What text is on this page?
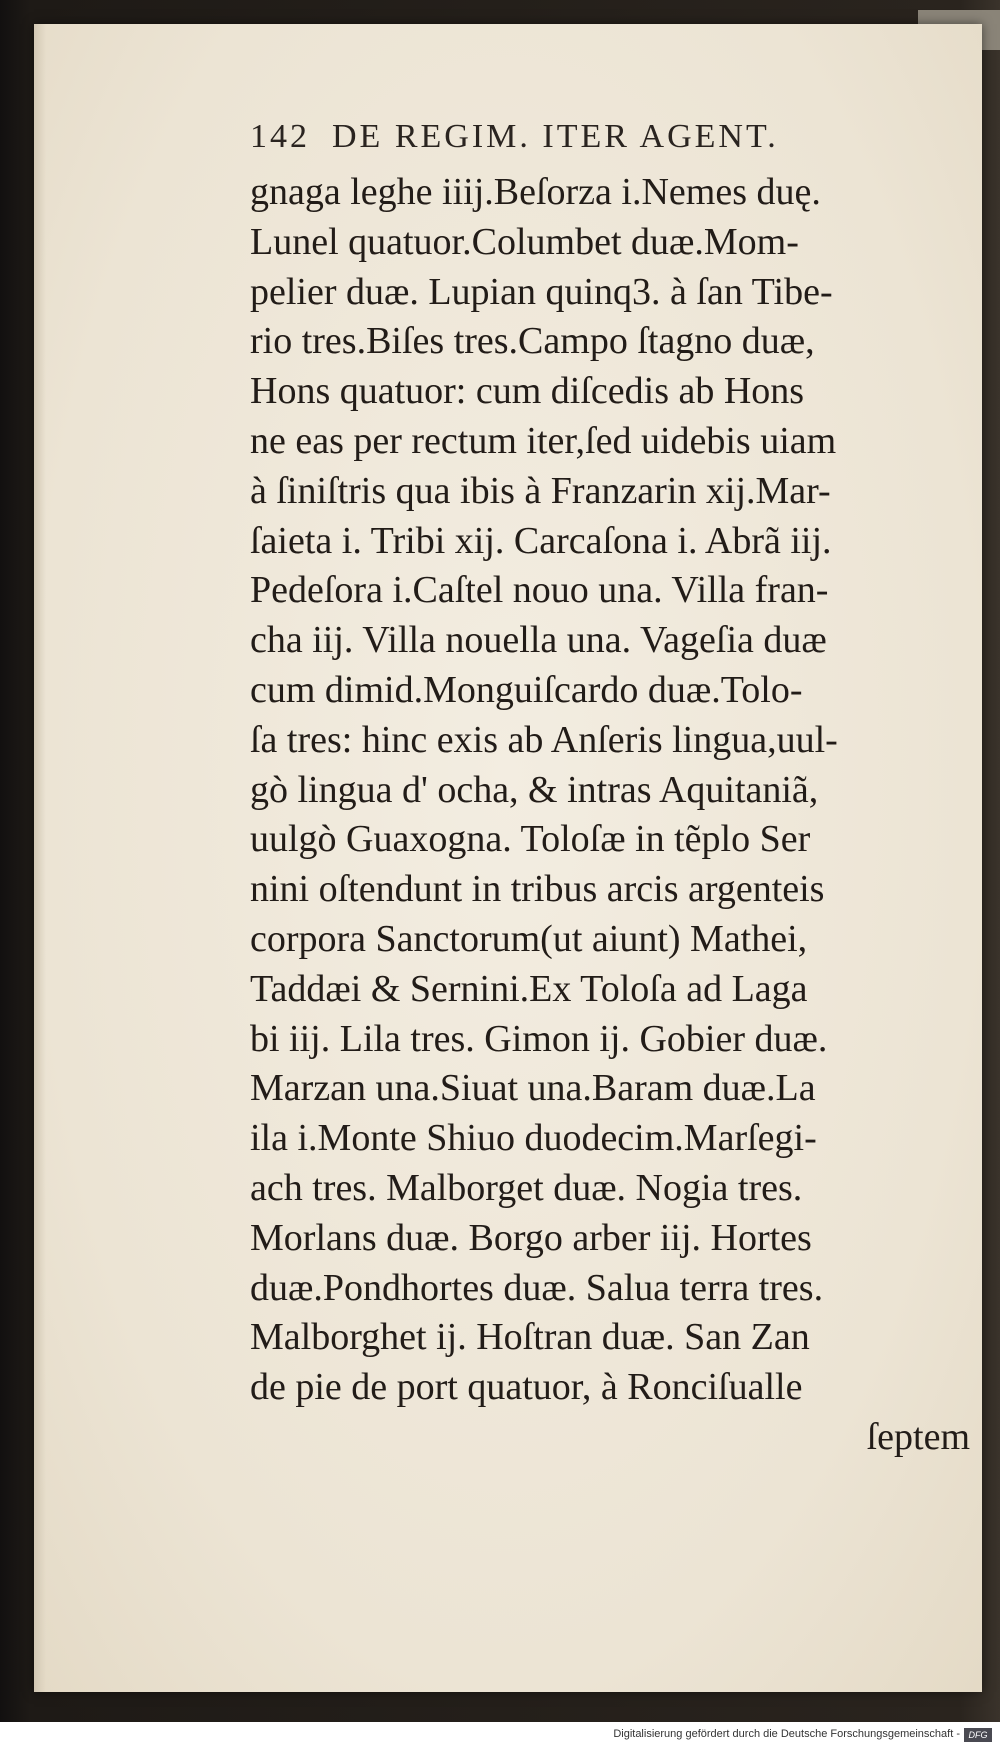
142 DE REGIM. ITER AGENT.
gnaga leghe iiij.Beſorza i.Nemes duę.
Lunel quatuor.Columbet duæ.Mom-
pelier duæ. Lupian quinq3. à ſan Tibe-
rio tres.Biſes tres.Campo ſtagno duæ,
Hons quatuor: cum diſcedis ab Hons
ne eas per rectum iter,ſed uidebis uiam
à ſiniſtris qua ibis à Franzarin xij.Mar-
ſaieta i. Tribi xij. Carcaſona i. Abrã iij.
Pedeſora i.Caſtel nouo una. Villa fran-
cha iij. Villa nouella una. Vageſia duæ
cum dimid.Monguiſcardo duæ.Tolo-
ſa tres: hinc exis ab Anſeris lingua,uul-
gò lingua d' ocha, & intras Aquitaniã,
uulgò Guaxogna. Toloſæ in tẽplo Ser
nini oſtendunt in tribus arcis argenteis
corpora Sanctorum(ut aiunt) Mathei,
Taddæi & Sernini.Ex Toloſa ad Laga
bi iij. Lila tres. Gimon ij. Gobier duæ.
Marzan una.Siuat una.Baram duæ.La
ila i.Monte Shiuo duodecim.Marſegi-
ach tres. Malborget duæ. Nogia tres.
Morlans duæ. Borgo arber iij. Hortes
duæ.Pondhortes duæ. Salua terra tres.
Malborghet ij. Hoſtran duæ. San Zan
de pie de port quatuor, à Ronciſualle
ſeptem
Digitalisierung gefördert durch die Deutsche Forschungsgemeinschaft - DFG
